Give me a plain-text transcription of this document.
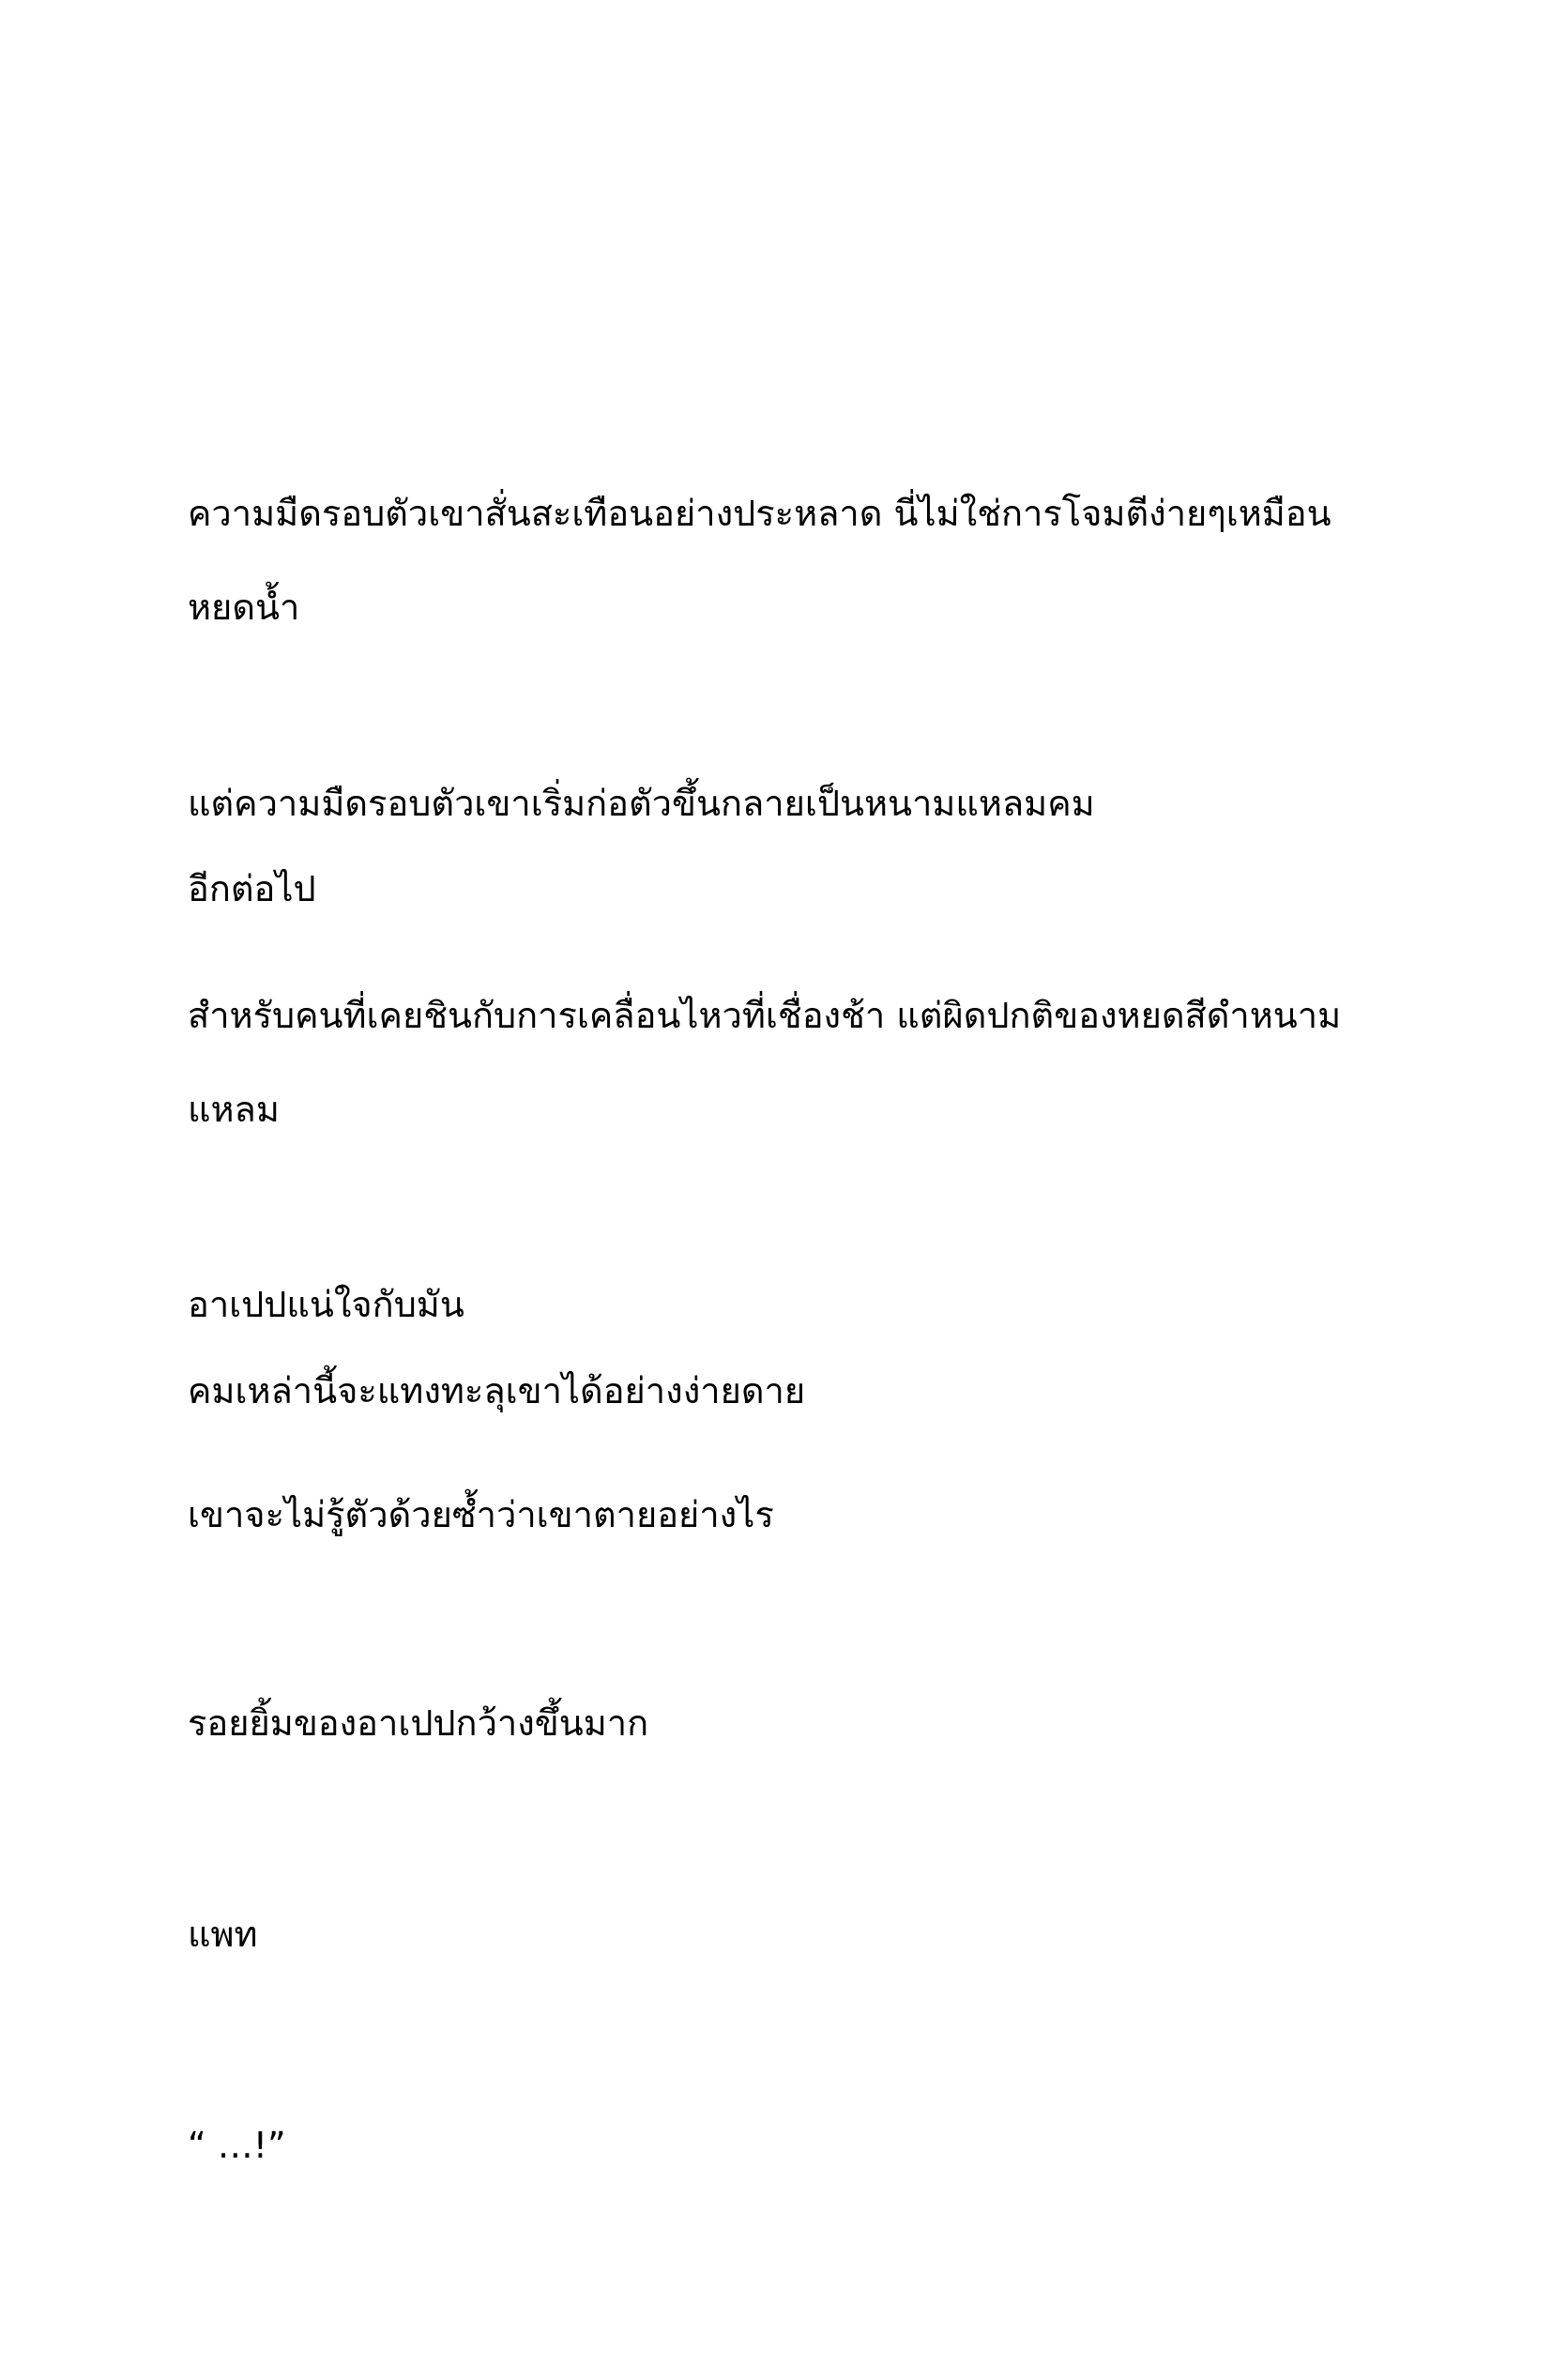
ความมืดรอบตัวเขาสั่นสะเทือนอย่างประหลาด นี่ไม่ใช่การโจมตีง่ายๆเหมือนหยดน้ำ

อีกต่อไป

แต่ความมืดรอบตัวเขาเริ่มก่อตัวขึ้นกลายเป็นหนามแหลมคม

สำหรับคนที่เคยชินกับการเคลื่อนไหวที่เชื่องช้า แต่ผิดปกติของหยดสีดำหนามแหลม

คมเหล่านี้จะแทงทะลุเขาได้อย่างง่ายดาย

อาเปปแน่ใจกับมัน

เขาจะไม่รู้ตัวด้วยซ้ำว่าเขาตายอย่างไร

รอยยิ้มของอาเปปกว้างขึ้นมาก

แพท

“ …!”
